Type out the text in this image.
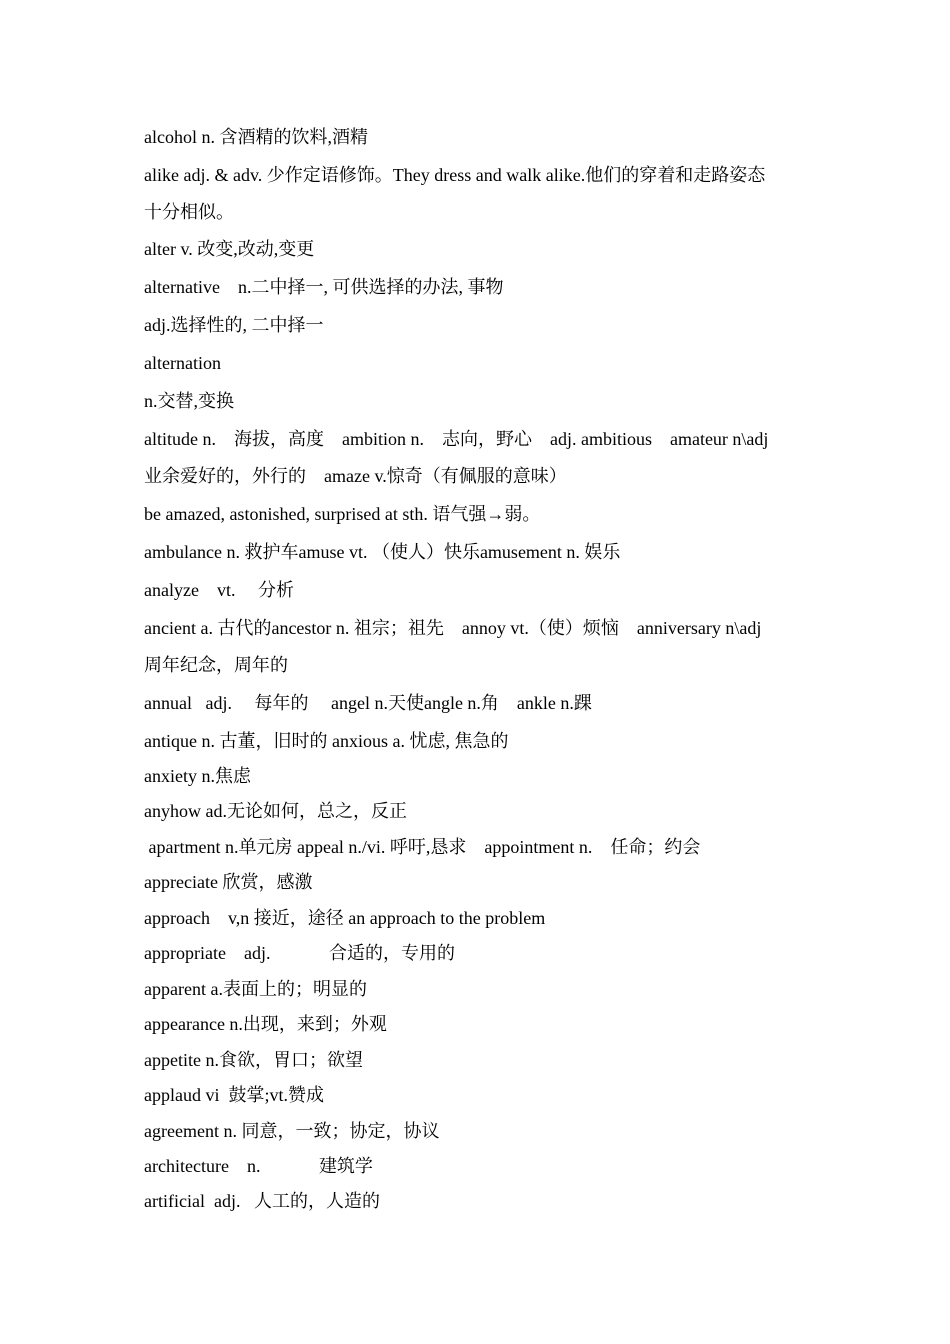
alcohol n. 含酒精的饮料,酒精
alike adj. & adv. 少作定语修饰。They dress and walk alike.他们的穿着和走路姿态
十分相似。
alter v. 改变,改动,变更
alternative    n.二中择一, 可供选择的办法, 事物
adj.选择性的, 二中择一
alternation
n.交替,变换
altitude n.    海拔，高度    ambition n.    志向，野心    adj. ambitious    amateur n\adj
业余爱好的，外行的    amaze v.惊奇（有佩服的意味）
be amazed, astonished, surprised at sth. 语气强→弱。
ambulance n. 救护车amuse vt. （使人）快乐amusement n. 娱乐
analyze    vt.     分析
ancient a. 古代的ancestor n. 祖宗；祖先    annoy vt.（使）烦恼    anniversary n\adj
周年纪念，周年的
annual   adj.     每年的     angel n.天使angle n.角    ankle n.踝
antique n. 古董，旧时的 anxious a. 忧虑, 焦急的
anxiety n.焦虑
anyhow ad.无论如何，总之，反正
apartment n.单元房 appeal n./vi. 呼吁,恳求    appointment n.    任命；约会
appreciate 欣赏，感激
approach    v,n 接近，途径 an approach to the problem
appropriate    adj.             合适的，专用的
apparent a.表面上的；明显的
appearance n.出现，来到；外观
appetite n.食欲，胃口；欲望
applaud vi  鼓掌;vt.赞成
agreement n. 同意，一致；协定，协议
architecture    n.             建筑学
artificial  adj.   人工的，人造的
